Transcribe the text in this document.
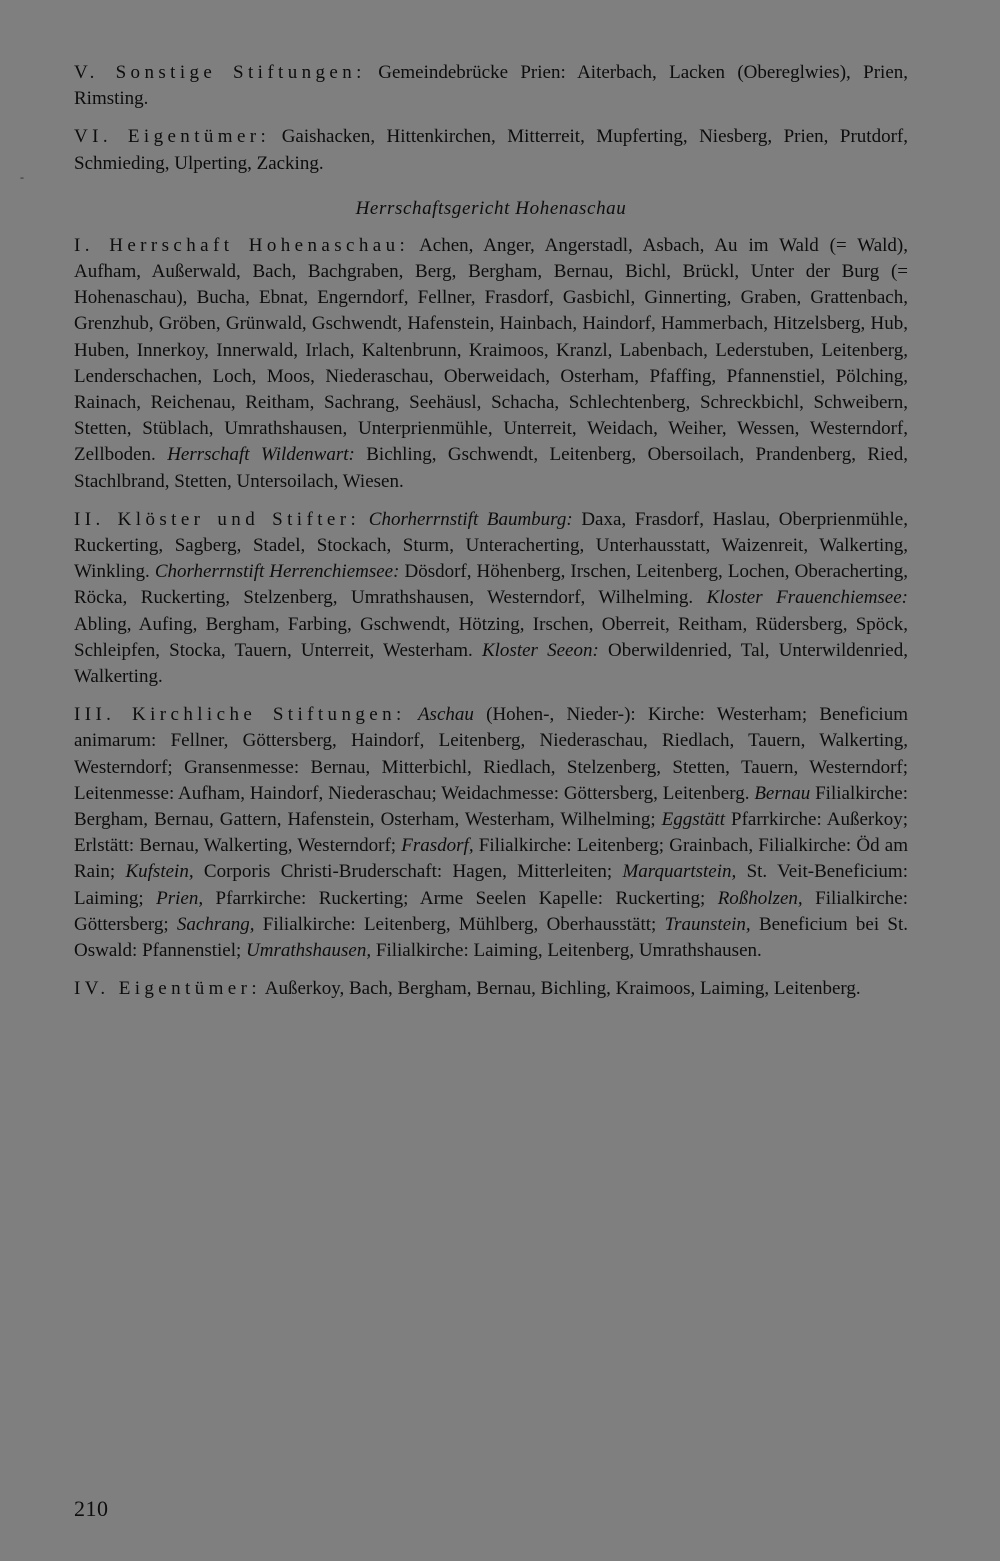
-

V. Sonstige Stiftungen: Gemeindebrücke Prien: Aiterbach, Lacken (Obereglwies), Prien, Rimsting.

VI. Eigentümer: Gaishacken, Hittenkirchen, Mitterreit, Mupferting, Niesberg, Prien, Prutdorf, Schmieding, Ulperting, Zacking.

Herrschaftsgericht Hohenaschau

I. Herrschaft Hohenaschau: Achen, Anger, Angerstadl, Asbach, Au im Wald (= Wald), Aufham, Außerwald, Bach, Bachgraben, Berg, Bergham, Bernau, Bichl, Brückl, Unter der Burg (= Hohenaschau), Bucha, Ebnat, Engerndorf, Fellner, Frasdorf, Gasbichl, Ginnerting, Graben, Grattenbach, Grenzhub, Gröben, Grünwald, Gschwendt, Hafenstein, Hainbach, Haindorf, Hammerbach, Hitzelsberg, Hub, Huben, Innerkoy, Innerwald, Irlach, Kaltenbrunn, Kraimoos, Kranzl, Labenbach, Lederstuben, Leitenberg, Lenderschachen, Loch, Moos, Niederaschau, Oberweidach, Osterham, Pfaffing, Pfannenstiel, Pölching, Rainach, Reichenau, Reitham, Sachrang, Seehäusl, Schacha, Schlechtenberg, Schreckbichl, Schweibern, Stetten, Stüblach, Umrathshausen, Unterprienmühle, Unterreit, Weidach, Weiher, Wessen, Westerndorf, Zellboden. Herrschaft Wildenwart: Bichling, Gschwendt, Leitenberg, Obersoilach, Prandenberg, Ried, Stachlbrand, Stetten, Untersoilach, Wiesen.

II. Klöster und Stifter: Chorherrnstift Baumburg: Daxa, Frasdorf, Haslau, Oberprienmühle, Ruckerting, Sagberg, Stadel, Stockach, Sturm, Unteracherting, Unterhausstatt, Waizenreit, Walkerting, Winkling. Chorherrnstift Herrenchiemsee: Dösdorf, Höhenberg, Irschen, Leitenberg, Lochen, Oberacherting, Röcka, Ruckerting, Stelzenberg, Umrathshausen, Westerndorf, Wilhelming. Kloster Frauenchiemsee: Abling, Aufing, Bergham, Farbing, Gschwendt, Hötzing, Irschen, Oberreit, Reitham, Rüdersberg, Spöck, Schleipfen, Stocka, Tauern, Unterreit, Westerham. Kloster Seeon: Oberwildenried, Tal, Unterwildenried, Walkerting.

III. Kirchliche Stiftungen: Aschau (Hohen-, Nieder-): Kirche: Westerham; Beneficium animarum: Fellner, Göttersberg, Haindorf, Leitenberg, Niederaschau, Riedlach, Tauern, Walkerting, Westerndorf; Gransenmesse: Bernau, Mitterbichl, Riedlach, Stelzenberg, Stetten, Tauern, Westerndorf; Leitenmesse: Aufham, Haindorf, Niederaschau; Weidachmesse: Göttersberg, Leitenberg. Bernau Filialkirche: Bergham, Bernau, Gattern, Hafenstein, Osterham, Westerham, Wilhelming; Eggstätt Pfarrkirche: Außerkoy; Erlstätt: Bernau, Walkerting, Westerndorf; Frasdorf, Filialkirche: Leitenberg; Grainbach, Filialkirche: Öd am Rain; Kufstein, Corporis Christi-Bruderschaft: Hagen, Mitterleiten; Marquartstein, St. Veit-Beneficium: Laiming; Prien, Pfarrkirche: Ruckerting; Arme Seelen Kapelle: Ruckerting; Roßholzen, Filialkirche: Göttersberg; Sachrang, Filialkirche: Leitenberg, Mühlberg, Oberhausstätt; Traunstein, Beneficium bei St. Oswald: Pfannenstiel; Umrathshausen, Filialkirche: Laiming, Leitenberg, Umrathshausen.

IV. Eigentümer: Außerkoy, Bach, Bergham, Bernau, Bichling, Kraimoos, Laiming, Leitenberg.

210
